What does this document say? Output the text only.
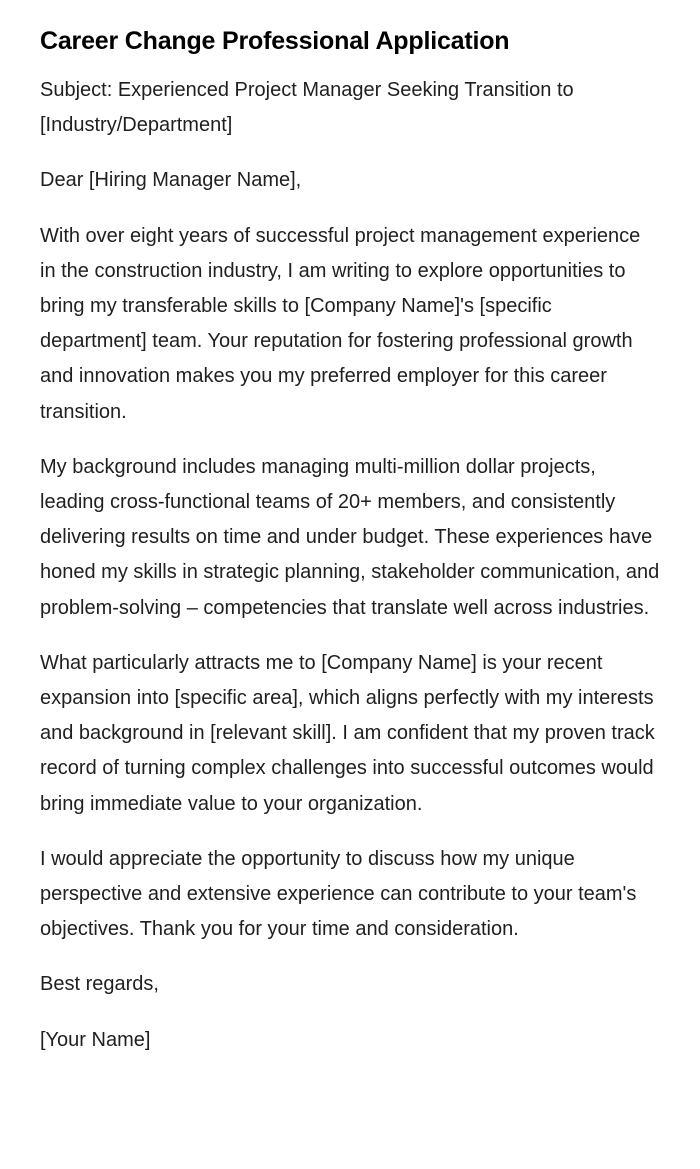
Career Change Professional Application

Subject: Experienced Project Manager Seeking Transition to [Industry/Department]

Dear [Hiring Manager Name],

With over eight years of successful project management experience in the construction industry, I am writing to explore opportunities to bring my transferable skills to [Company Name]'s [specific department] team. Your reputation for fostering professional growth and innovation makes you my preferred employer for this career transition.

My background includes managing multi-million dollar projects, leading cross-functional teams of 20+ members, and consistently delivering results on time and under budget. These experiences have honed my skills in strategic planning, stakeholder communication, and problem-solving – competencies that translate well across industries.

What particularly attracts me to [Company Name] is your recent expansion into [specific area], which aligns perfectly with my interests and background in [relevant skill]. I am confident that my proven track record of turning complex challenges into successful outcomes would bring immediate value to your organization.

I would appreciate the opportunity to discuss how my unique perspective and extensive experience can contribute to your team's objectives. Thank you for your time and consideration.

Best regards,

[Your Name]
